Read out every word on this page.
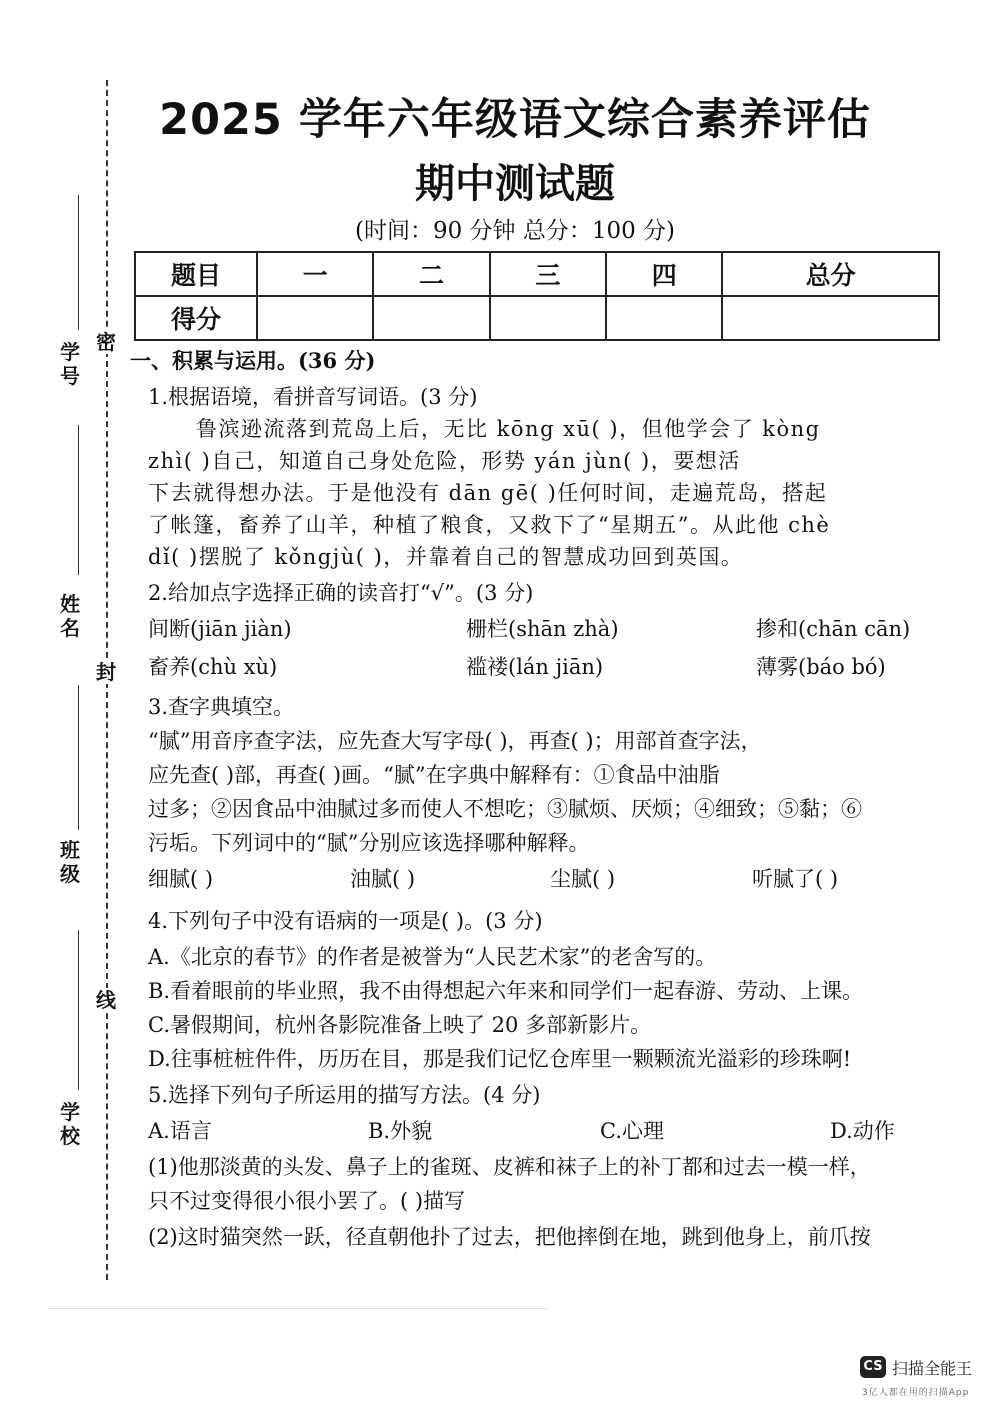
密
封
线
学号
姓名
班级
学校
2025 学年六年级语文综合素养评估
期中测试题
(时间：90 分钟 总分：100 分)
题目	一	二	三	四	总分
得分					
一、积累与运用。(36 分)
1.根据语境，看拼音写词语。(3 分)
鲁滨逊流落到荒岛上后，无比 kōng xū( )，但他学会了 kòng
zhì( )自己，知道自己身处危险，形势 yán jùn( )，要想活
下去就得想办法。于是他没有 dān gē( )任何时间，走遍荒岛，搭起
了帐篷，畜养了山羊，种植了粮食，又救下了“星期五”。从此他 chè
dǐ( )摆脱了 kǒngjù( )，并靠着自己的智慧成功回到英国。
2.给加点字选择正确的读音打“√”。(3 分)
间断(jiān jiàn)	栅栏(shān zhà)	掺和(chān cān)
畜养(chù xù)	褴褛(lán jiān)	薄雾(báo bó)
3.查字典填空。
“腻”用音序查字法，应先查大写字母( )，再查( )；用部首查字法，
应先查( )部，再查( )画。“腻”在字典中解释有：①食品中油脂
过多；②因食品中油腻过多而使人不想吃；③腻烦、厌烦；④细致；⑤黏；⑥
污垢。下列词中的“腻”分别应该选择哪种解释。
细腻( )	油腻( )	尘腻( )	听腻了( )
4.下列句子中没有语病的一项是( )。(3 分)
A.《北京的春节》的作者是被誉为“人民艺术家”的老舍写的。
B.看着眼前的毕业照，我不由得想起六年来和同学们一起春游、劳动、上课。
C.暑假期间，杭州各影院准备上映了 20 多部新影片。
D.往事桩桩件件，历历在目，那是我们记忆仓库里一颗颗流光溢彩的珍珠啊!
5.选择下列句子所运用的描写方法。(4 分)
A.语言	B.外貌	C.心理	D.动作
(1)他那淡黄的头发、鼻子上的雀斑、皮裤和袜子上的补丁都和过去一模一样，
只不过变得很小很小罢了。( )描写
(2)这时猫突然一跃，径直朝他扑了过去，把他摔倒在地，跳到他身上，前爪按
CS 扫描全能王
3亿人都在用的扫描App
